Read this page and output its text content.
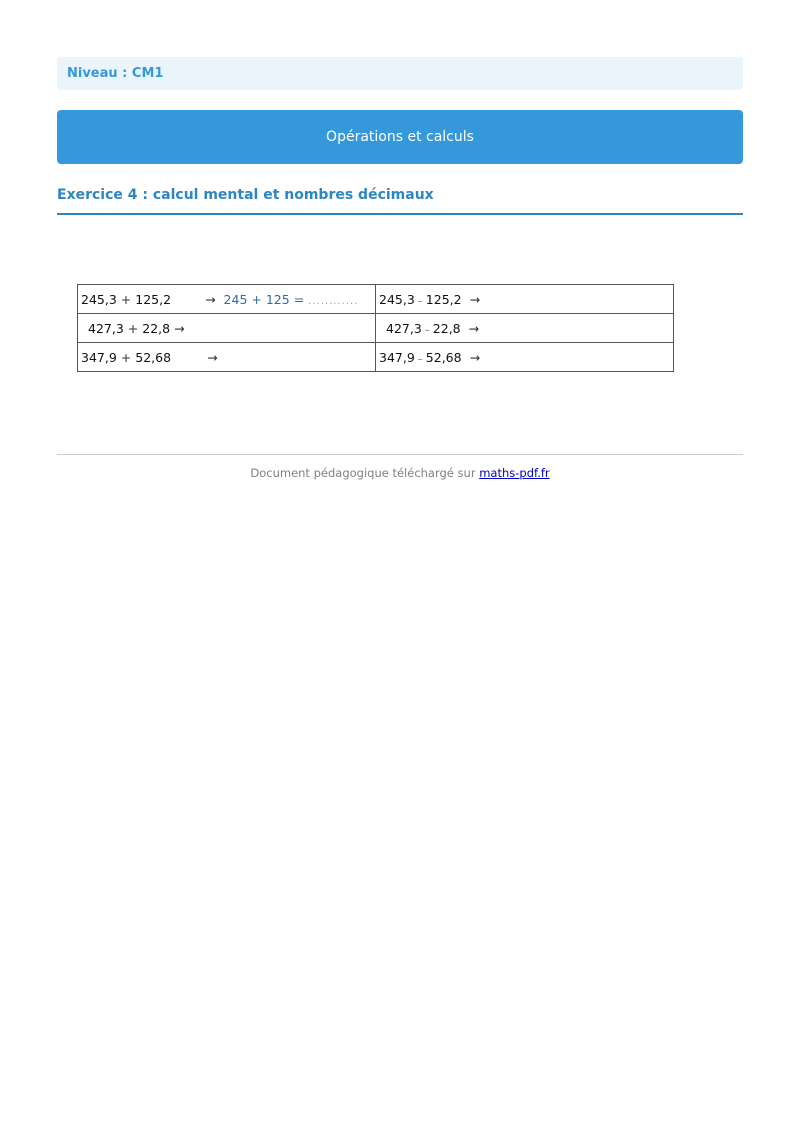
Niveau : CM1
Opérations et calculs
Exercice 4 : calcul mental et nombres décimaux
245,3 + 125,2 → 245 + 125 = ............	245,3 – 125,2 →
427,3 + 22,8 →	427,3 – 22,8 →
347,9 + 52,68 →	347,9 – 52,68 →
Document pédagogique téléchargé sur maths-pdf.fr
